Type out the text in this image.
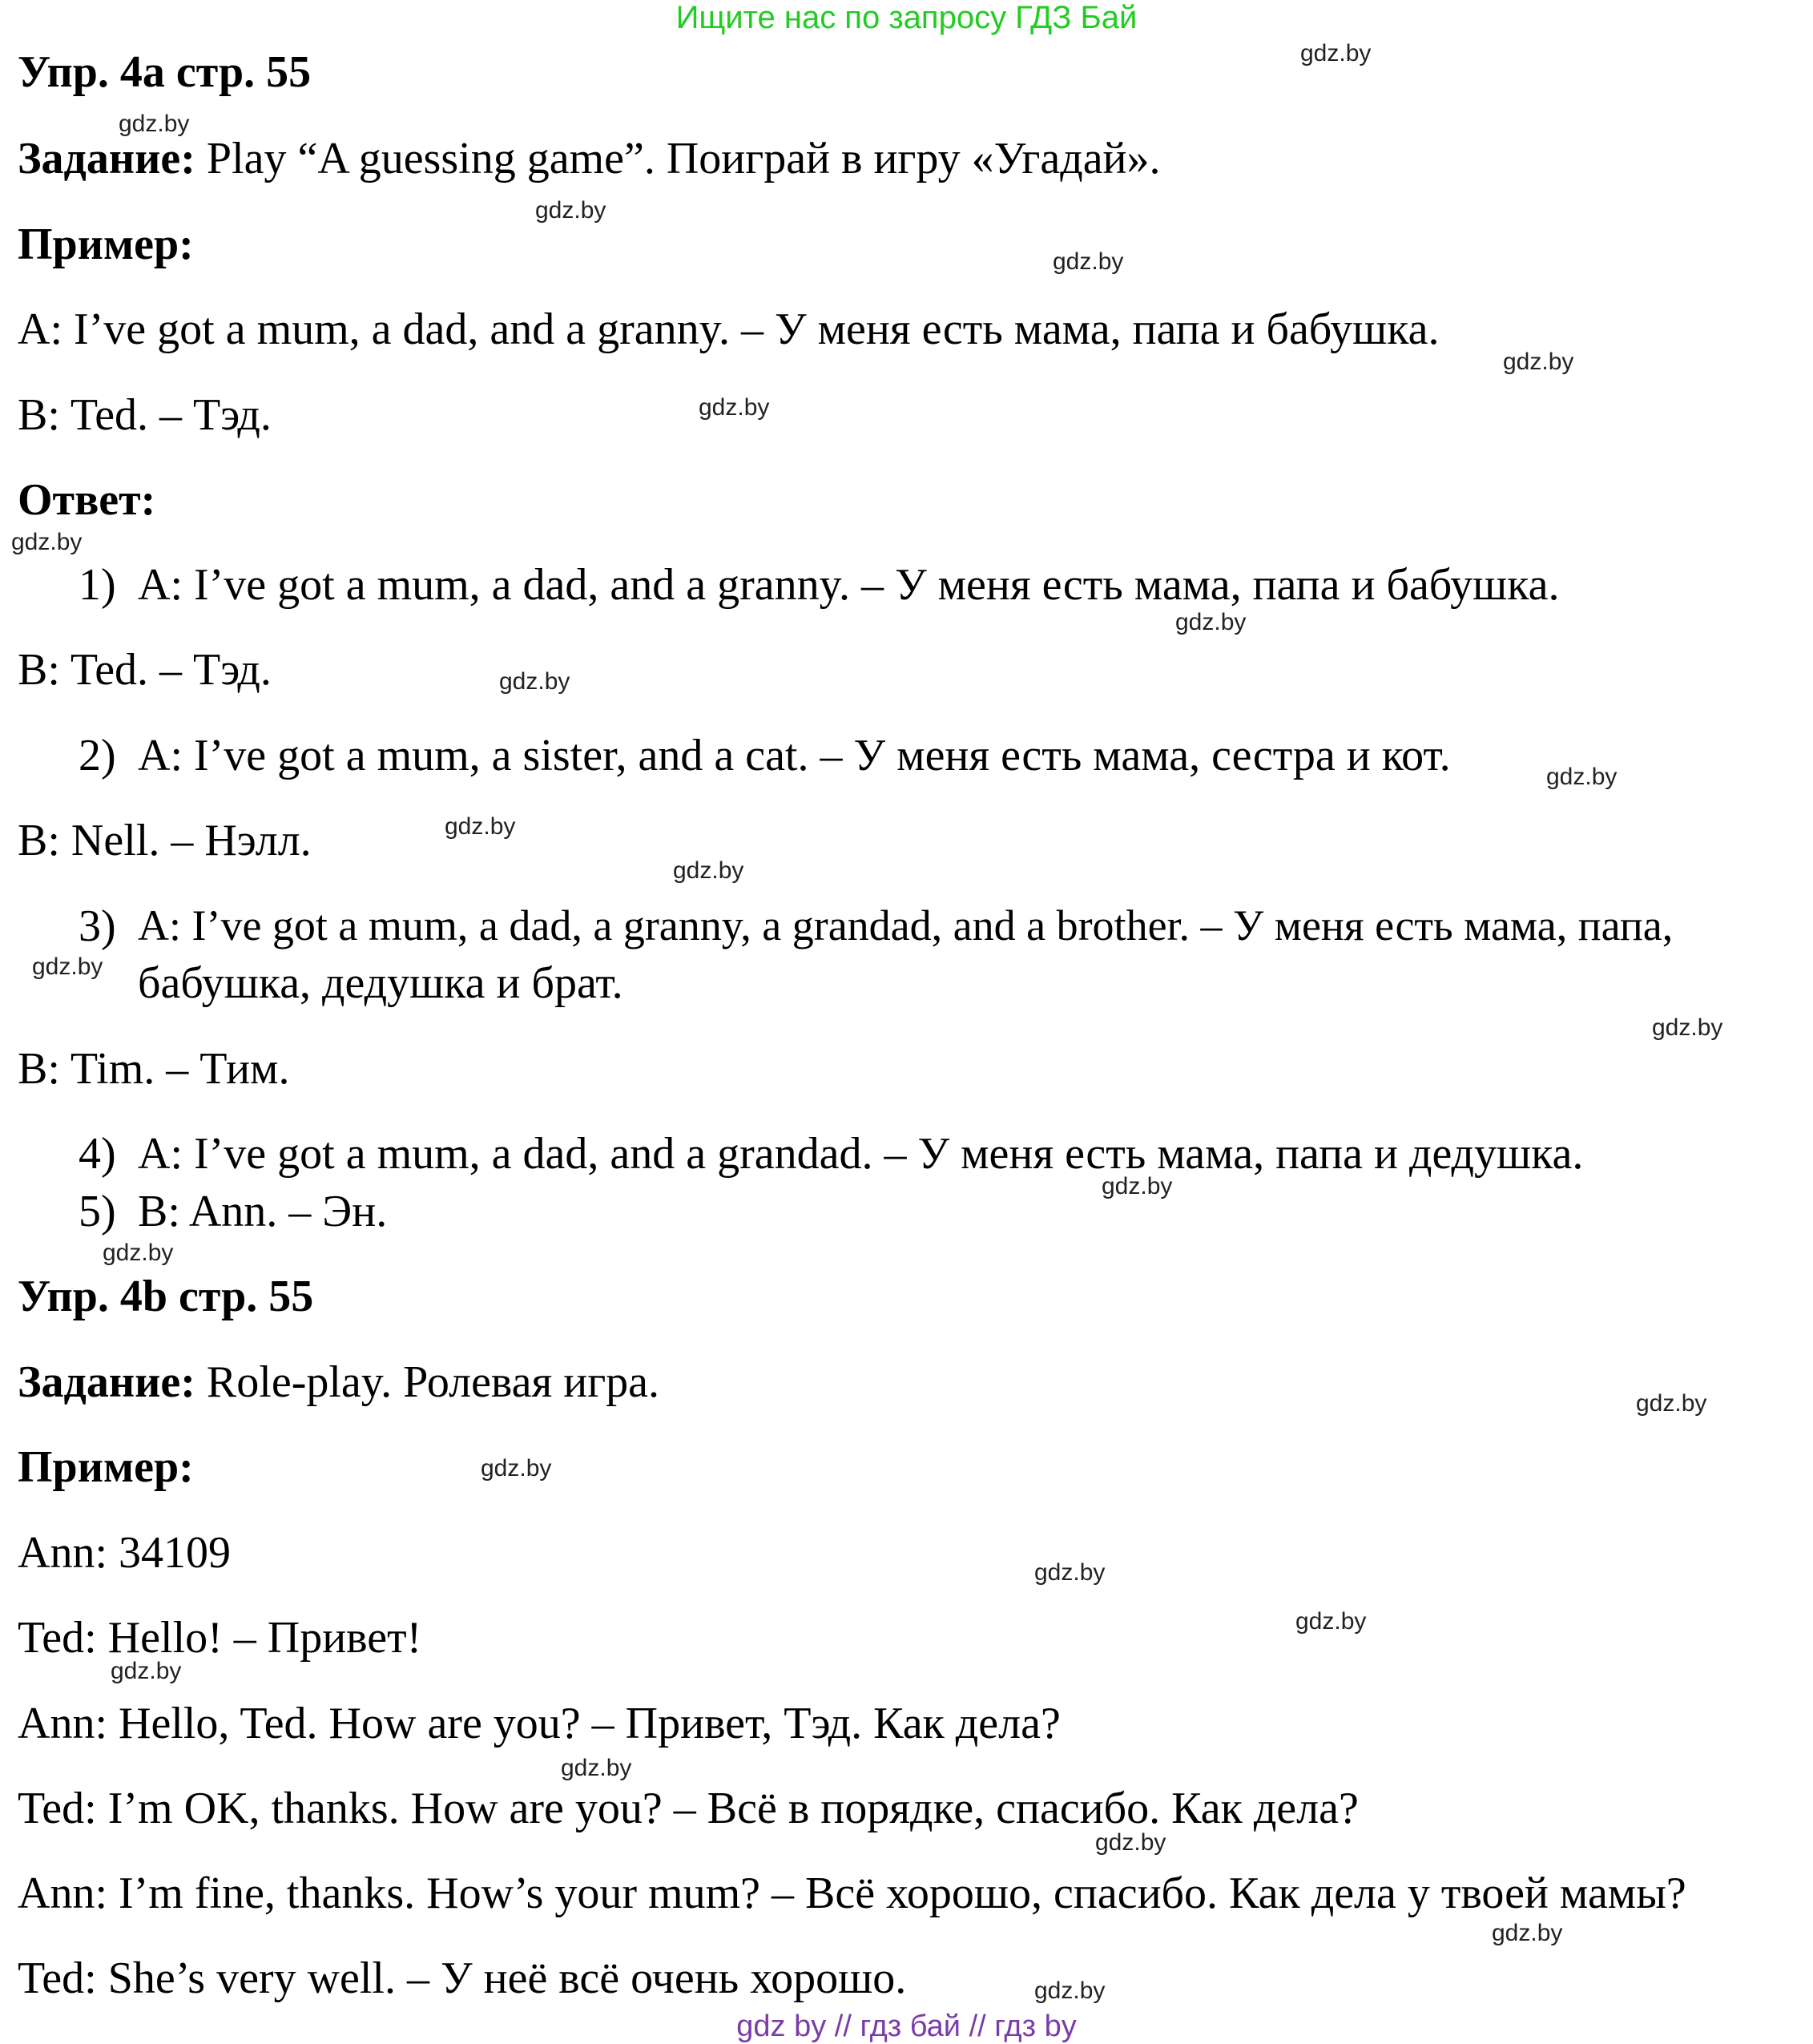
Ищите нас по запросу ГДЗ Бай
Упр. 4a стр. 55
Задание: Play “A guessing game”. Поиграй в игру «Угадай».
Пример:
A: I’ve got a mum, a dad, and a granny. – У меня есть мама, папа и бабушка.
B: Ted. – Тэд.
Ответ:
1) A: I’ve got a mum, a dad, and a granny. – У меня есть мама, папа и бабушка.
B: Ted. – Тэд.
2) A: I’ve got a mum, a sister, and a cat. – У меня есть мама, сестра и кот.
B: Nell. – Нэлл.
3) A: I’ve got a mum, a dad, a granny, a grandad, and a brother. – У меня есть мама, папа,
бабушка, дедушка и брат.
B: Tim. – Тим.
4) A: I’ve got a mum, a dad, and a grandad. – У меня есть мама, папа и дедушка.
5) B: Ann. – Эн.
Упр. 4b стр. 55
Задание: Role-play. Ролевая игра.
Пример:
Ann: 34109
Ted: Hello! – Привет!
Ann: Hello, Ted. How are you? – Привет, Тэд. Как дела?
Ted: I’m OK, thanks. How are you? – Всё в порядке, спасибо. Как дела?
Ann: I’m fine, thanks. How’s your mum? – Всё хорошо, спасибо. Как дела у твоей мамы?
Ted: She’s very well. – У неё всё очень хорошо.
gdz.by
gdz.by
gdz.by
gdz.by
gdz.by
gdz.by
gdz.by
gdz.by
gdz.by
gdz.by
gdz.by
gdz.by
gdz.by
gdz.by
gdz.by
gdz.by
gdz.by
gdz.by
gdz.by
gdz.by
gdz.by
gdz.by
gdz.by
gdz.by
gdz.by
gdz by // гдз бай // гдз by
